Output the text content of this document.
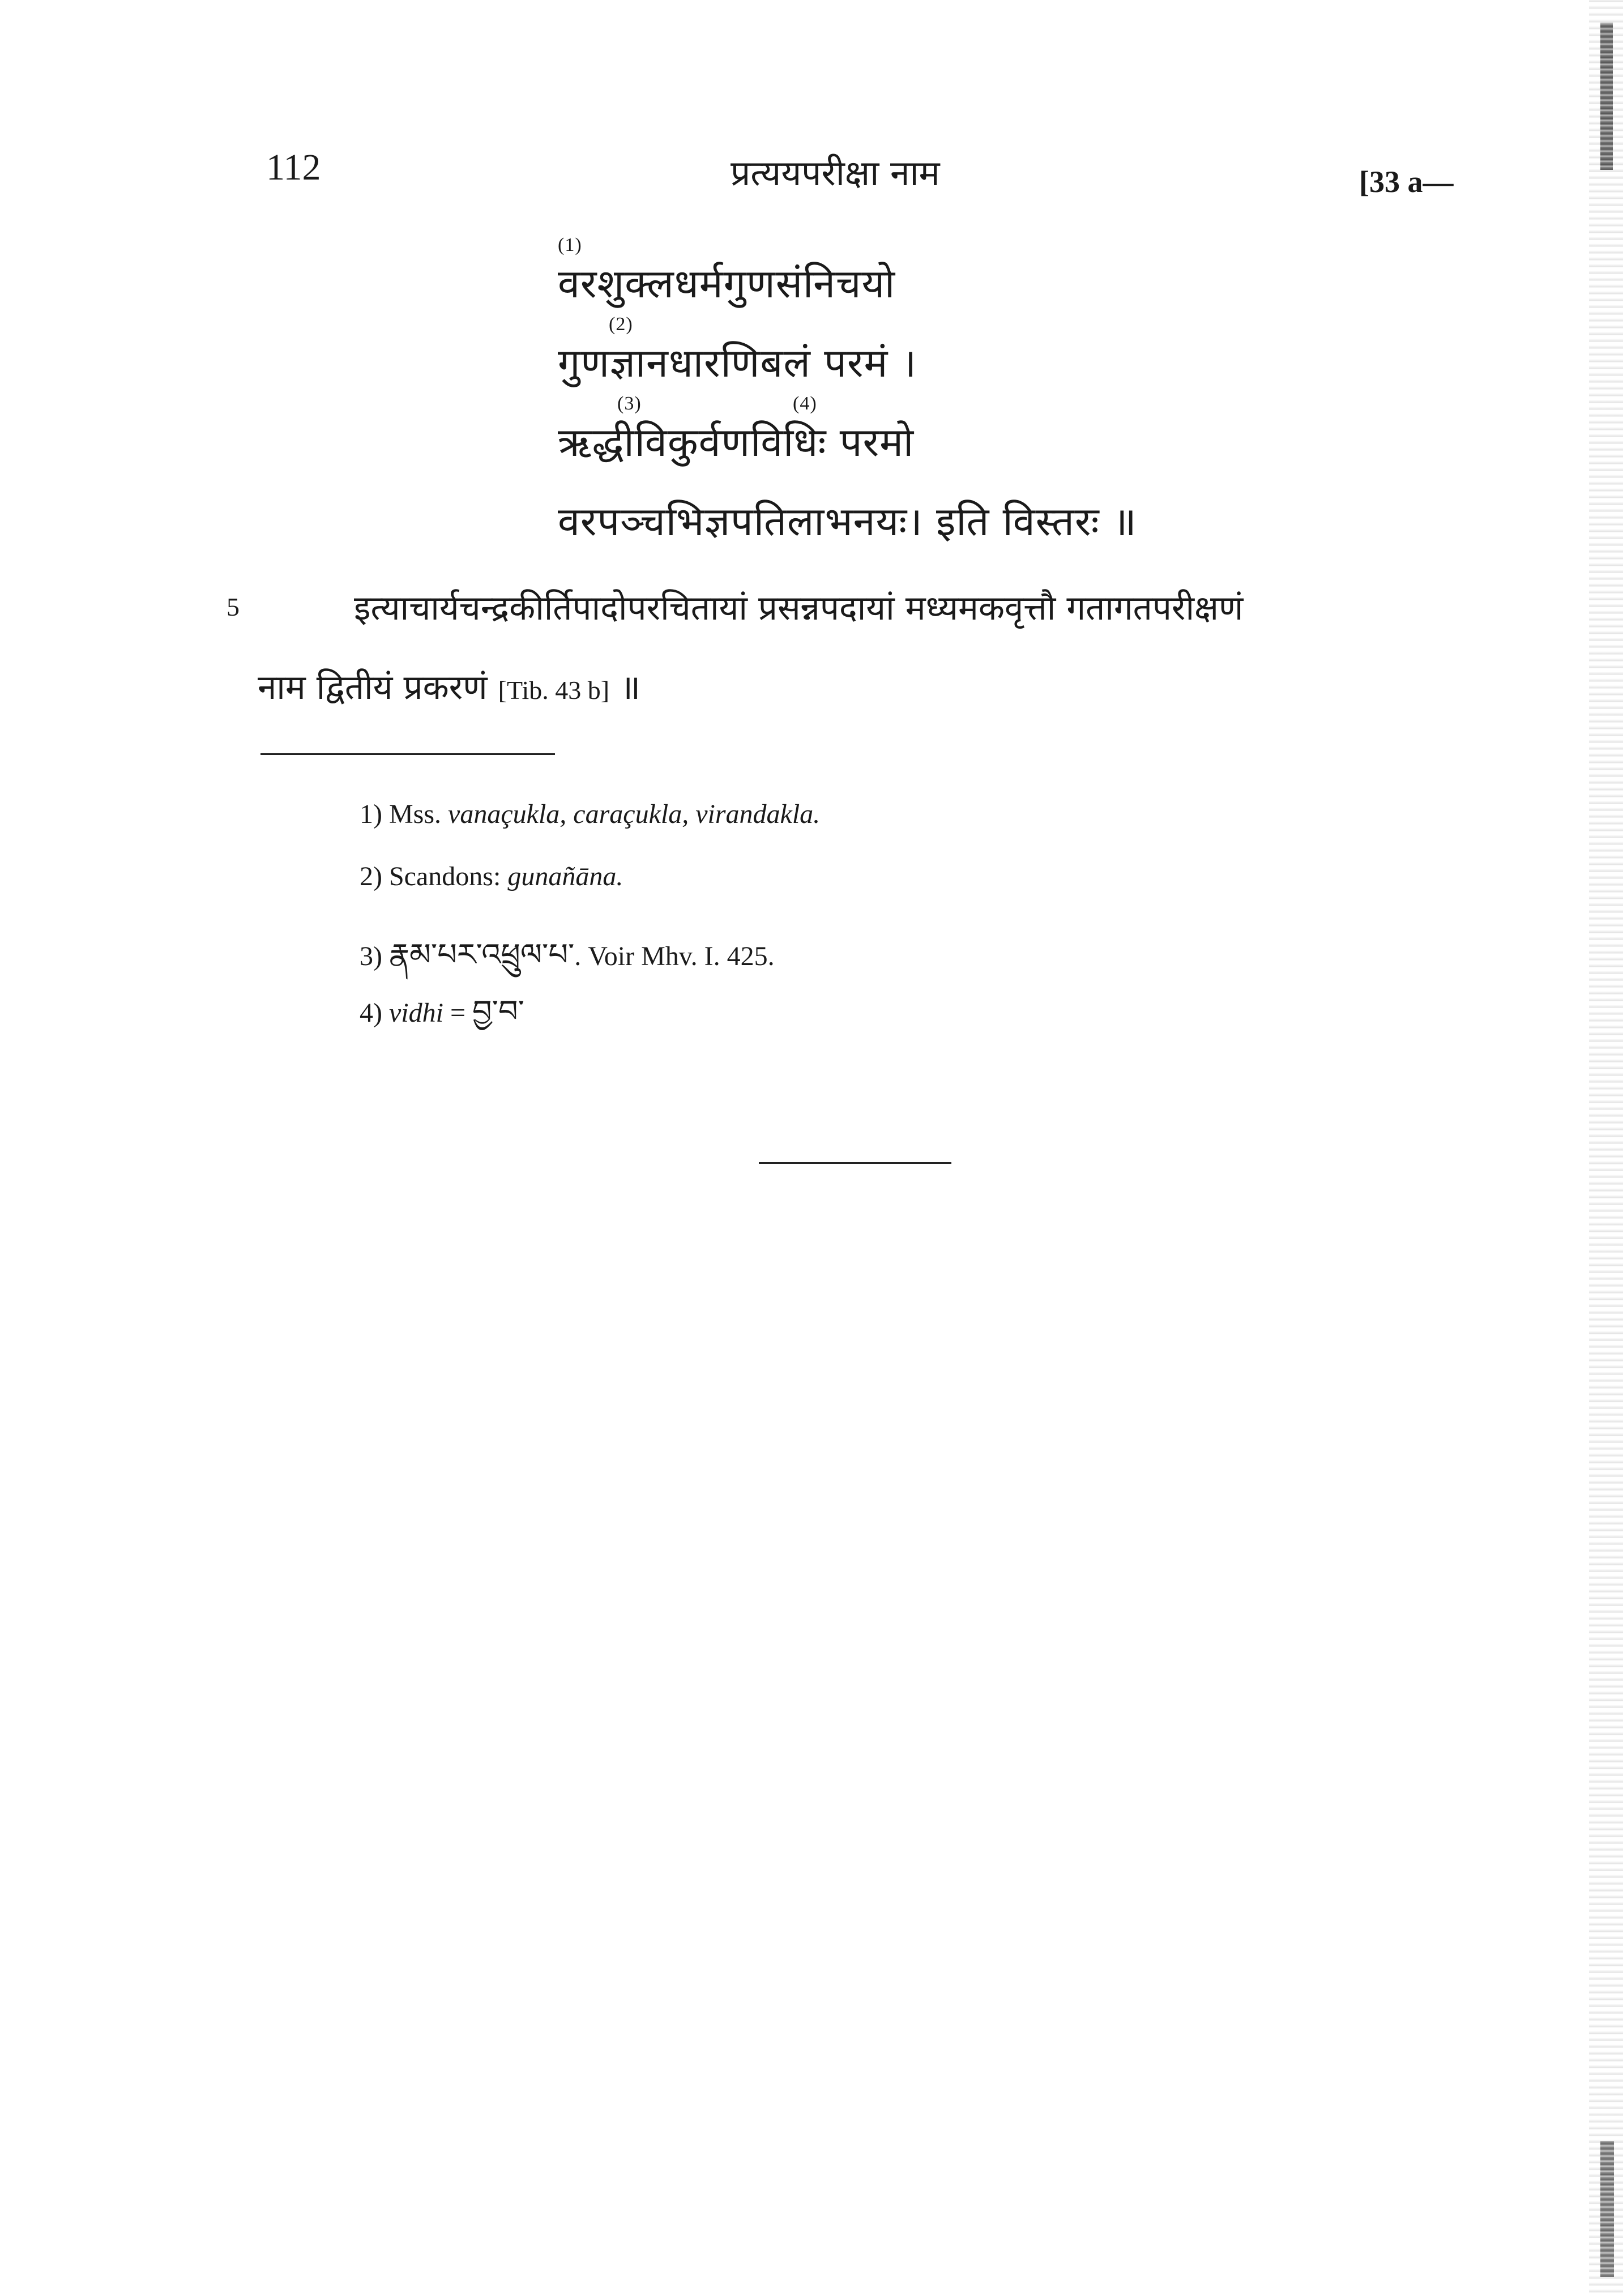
112	प्रत्ययपरीक्षा नाम	[33 a—
(1)
वरशुक्लधर्मगुणसंनिचयो
(2)
गुणज्ञानधारणिबलं परमं ।
(3)	(4)
ऋद्धीविकुर्वणविधिः परमो
वरपञ्चभिज्ञपतिलाभनयः। इति विस्तरः ॥
5	इत्याचार्यचन्द्रकीर्तिपादोपरचितायां प्रसन्नपदायां मध्यमकवृत्तौ गतागतपरीक्षणं
नाम द्वितीयं प्रकरणं [Tib. 43 b] ॥
1) Mss. vanaçukla, caraçukla, virandakla.
2) Scandons: gunañāna.
3) རྣམ་པར་འཕྲུལ་པ་. Voir Mhv. I. 425.
4) vidhi = བྱ་བ་
